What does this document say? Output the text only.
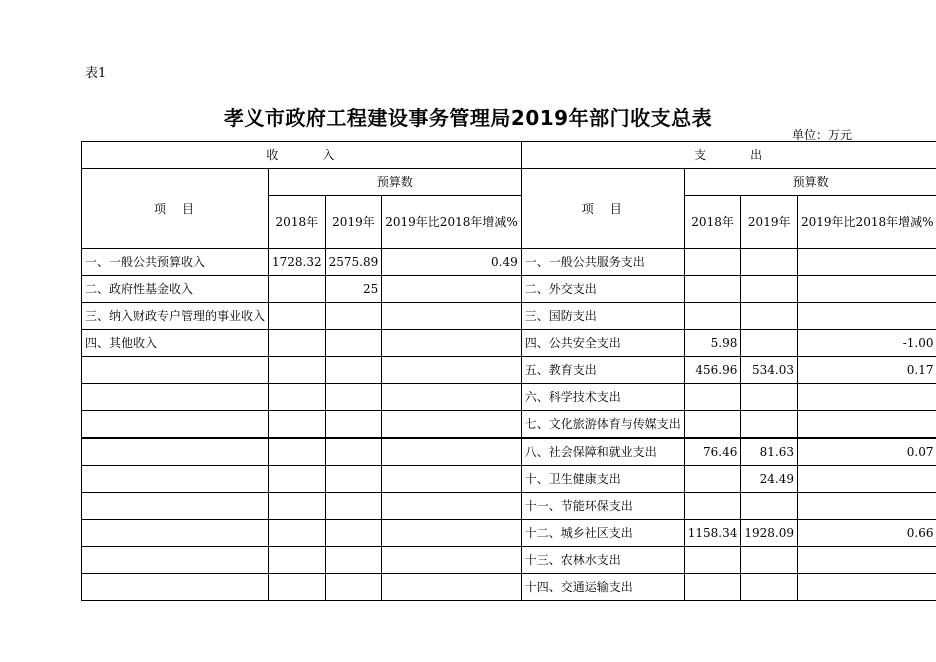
表1
孝义市政府工程建设事务管理局2019年部门收支总表
单位：万元
收　　　入				支　　　出			
项　目	预算数			项　目	预算数		
	2018年	2019年	2019年比2018年增减%		2018年	2019年	2019年比2018年增减%
一、一般公共预算收入	1728.32	2575.89	0.49	一、一般公共服务支出			
二、政府性基金收入		25		二、外交支出			
三、纳入财政专户管理的事业收入				三、国防支出			
四、其他收入				四、公共安全支出	5.98		-1.00
				五、教育支出	456.96	534.03	0.17
				六、科学技术支出			
				七、文化旅游体育与传媒支出			
				八、社会保障和就业支出	76.46	81.63	0.07
				十、卫生健康支出		24.49	
				十一、节能环保支出			
				十二、城乡社区支出	1158.34	1928.09	0.66
				十三、农林水支出			
				十四、交通运输支出			
